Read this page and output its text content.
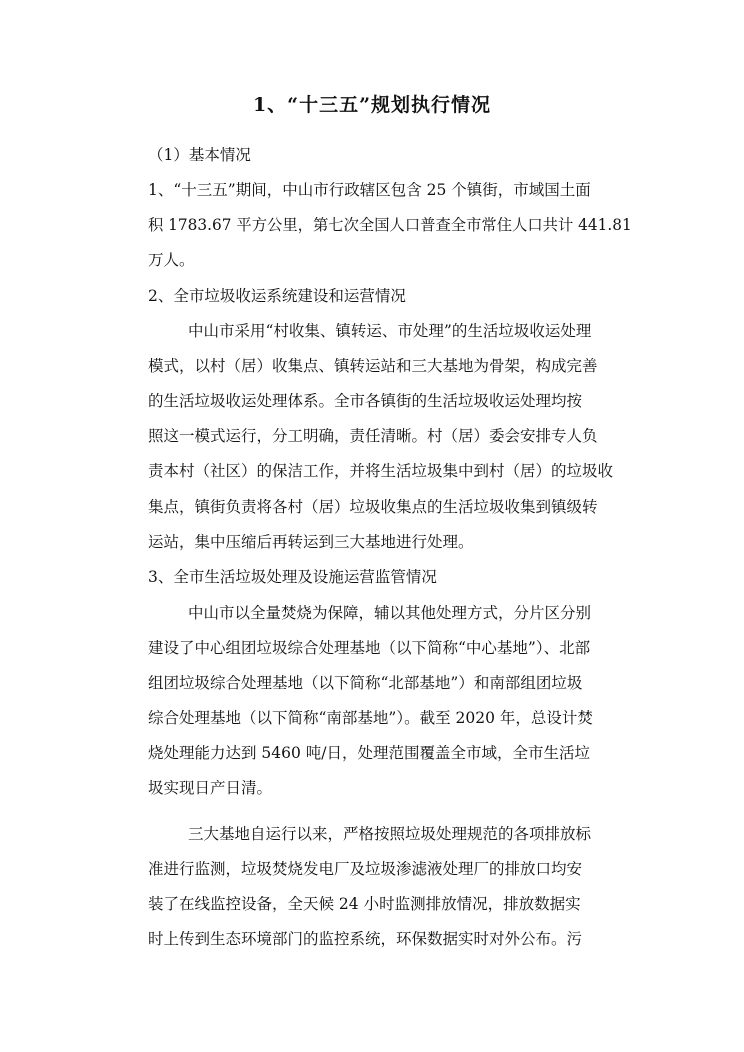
1、“十三五”规划执行情况
（1）基本情况
1、“十三五”期间，中山市行政辖区包含 25 个镇街，市域国土面
积 1783.67 平方公里，第七次全国人口普查全市常住人口共计 441.81
万人。
2、全市垃圾收运系统建设和运营情况
中山市采用“村收集、镇转运、市处理”的生活垃圾收运处理
模式，以村（居）收集点、镇转运站和三大基地为骨架，构成完善
的生活垃圾收运处理体系。全市各镇街的生活垃圾收运处理均按
照这一模式运行，分工明确，责任清晰。村（居）委会安排专人负
责本村（社区）的保洁工作，并将生活垃圾集中到村（居）的垃圾收
集点，镇街负责将各村（居）垃圾收集点的生活垃圾收集到镇级转
运站，集中压缩后再转运到三大基地进行处理。
3、全市生活垃圾处理及设施运营监管情况
中山市以全量焚烧为保障，辅以其他处理方式，分片区分别
建设了中心组团垃圾综合处理基地（以下简称“中心基地”）、北部
组团垃圾综合处理基地（以下简称“北部基地”）和南部组团垃圾
综合处理基地（以下简称“南部基地”）。截至 2020 年，总设计焚
烧处理能力达到 5460 吨/日，处理范围覆盖全市域，全市生活垃
圾实现日产日清。
三大基地自运行以来，严格按照垃圾处理规范的各项排放标
准进行监测，垃圾焚烧发电厂及垃圾渗滤液处理厂的排放口均安
装了在线监控设备，全天候 24 小时监测排放情况，排放数据实
时上传到生态环境部门的监控系统，环保数据实时对外公布。污
